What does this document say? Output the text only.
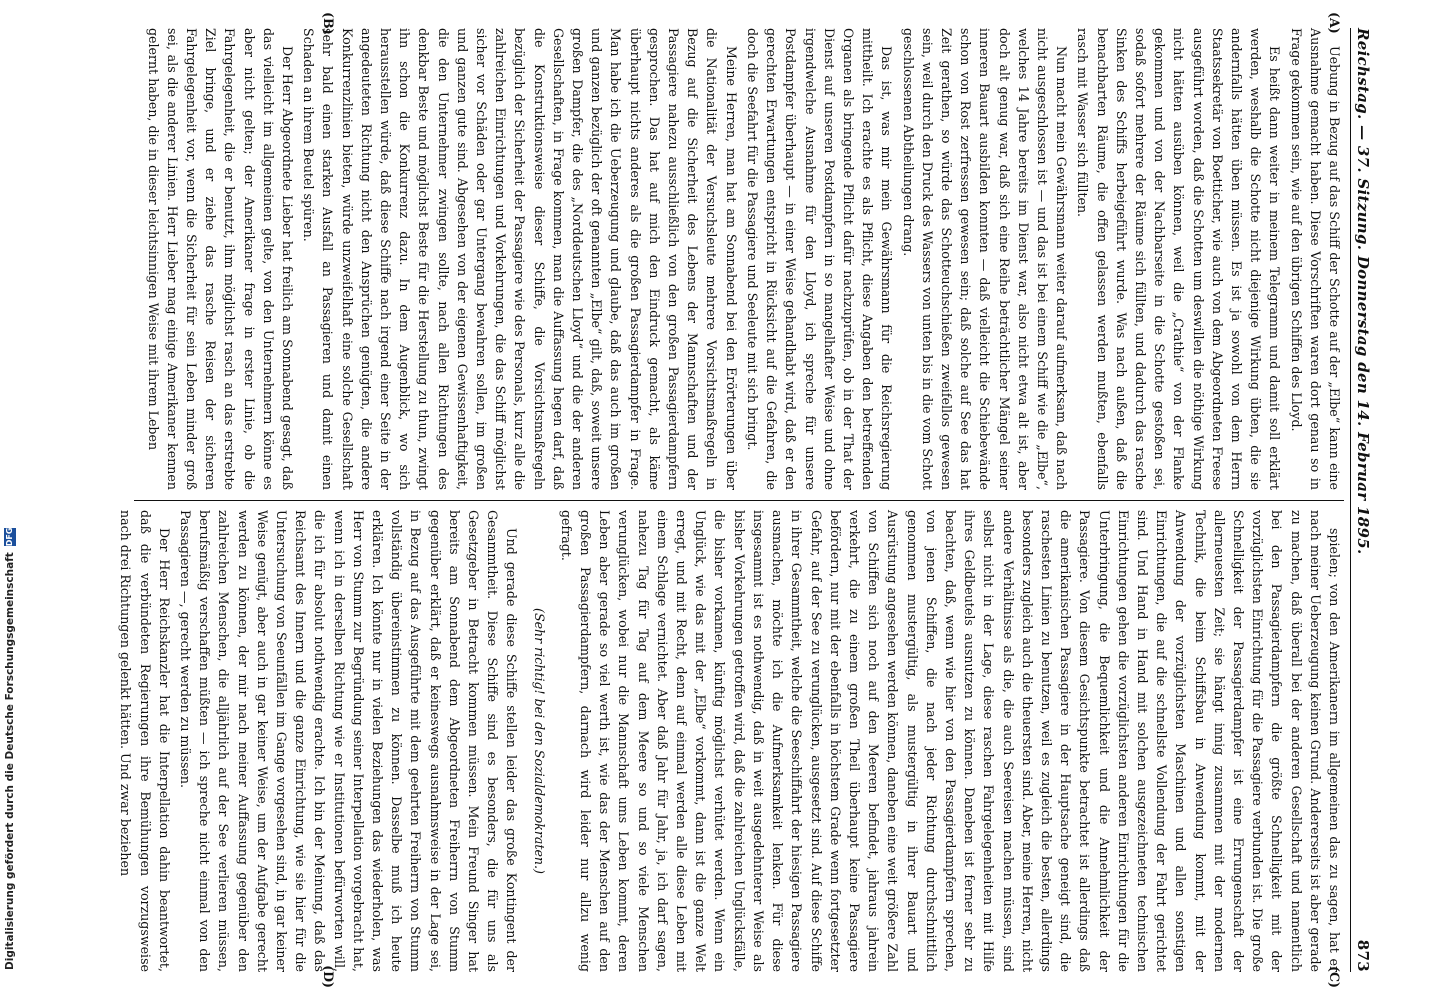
Digitalisierung gefördert durch die Deutsche Forschungsgemeinschaft
DFG	Reichstag. — 37. Sitzung. Donnerstag den 14. Februar 1895.
873
(A)
(B)

Uebung in Bezug auf das Schiff der Schotte auf der „Elbe“ kann eine Ausnahme gemacht haben. Diese Vorschriften waren dort genau so in Frage gekommen sein, wie auf den übrigen Schiffen des Lloyd.

Es heißt dann weiter in meinem Telegramm und damit soll erklärt werden, weshalb die Schotte nicht diejenige Wirkung übten, die sie andernfalls hätten üben müssen. Es ist ja sowohl von dem Herrn Staatssekretär von Boetticher, wie auch von dem Abgeordneten Freese ausgeführt worden, daß die Schotten um deswillen die nöthige Wirkung nicht hätten ausüben können, weil die „Crathie“ von der Flanke gekommen und von der Nachbarseite in die Schotte gestoßen sei, sodaß sofort mehrere der Räume sich füllten, und dadurch das rasche Sinken des Schiffs herbeigeführt wurde. Was nach außen, daß die benachbarten Räume, die offen gelassen werden mußten, ebenfalls rasch mit Wasser sich füllten.

Nun macht mein Gewährsmann weiter darauf aufmerksam, daß nach nicht ausgeschlossen ist — und das ist bei einem Schiff wie die „Elbe“, welches 14 Jahre bereits im Dienst war, also nicht etwa alt ist, aber doch alt genug war, daß sich eine Reihe beträchtlicher Mängel seiner inneren Bauart ausbilden konnten — daß vielleicht die Schiebewände schon von Rost zerfressen gewesen sein; daß solche auf See das hat Zeit gerathen, so würde das Schotteuchschießen zweifellos gewesen sein, weil durch den Druck des Wassers von unten bis in die vom Schott geschlossenen Abtheilungen drang.

Das ist, was mir mein Gewährsmann für die Reichsregierung mittheilt. Ich erachte es als Pflicht, diese Angaben den betreffenden Organen als bringende Pflicht dafür nachzuprüfen, ob in der That der Dienst auf unseren Postdampfern in so mangelhafter Weise und ohne irgendwelche Ausnahme für den Lloyd, ich spreche für unsere Postdampfer überhaupt — in einer Weise gehandhabt wird, daß er den gerechten Erwartungen entspricht in Rücksicht auf die Gefahren, die doch die Seefahrt für die Passagiere und Seeleute mit sich bringt.

Meine Herren, man hat am Sonnabend bei den Erörterungen über die Nationalität der Versuchsleute mehrere Vorsichtsmaßregeln in Bezug auf die Sicherheit des Lebens der Mannschaften und der Passagiere nahezu ausschließlich von den großen Passagierdampfern gesprochen. Das hat auf mich den Eindruck gemacht, als käme überhaupt nichts anderes als die großen Passagierdampfer in Frage. Man habe ich die Ueberzeugung und glaube, daß das auch im großen und ganzen bezüglich der oft genannten „Elbe“ gilt, daß, soweit unsere großen Dampfer, die des „Norddeutschen Lloyd“ und die der anderen Gesellschaften, in Frage kommen, man die Auffassung hegen darf, daß die Konstruktionsweise dieser Schiffe, die Vorsichtsmaßregeln bezüglich der Sicherheit der Passagiere wie des Personals, kurz alle die zahlreichen Einrichtungen und Vorkehrungen, die das Schiff möglichst sicher vor Schäden oder gar Untergang bewahren sollen, im großen und ganzen gute sind. Abgesehen von der eigenen Gewissenhaftigkeit, die den Unternehmer zwingen sollte, nach allen Richtungen des denkbar Beste und möglichst Beste für die Herstellung zu thun, zwingt ihn schon die Konkurrenz dazu. In dem Augenblick, wo sich herausstellen würde, daß diese Schiffe nach irgend einer Seite in der angedeuteten Richtung nicht den Ansprüchen genügten, die andere Konkurrenzlinien bieten, würde unzweifelhaft eine solche Gesellschaft sehr bald einen starken Ausfall an Passagieren und damit einen Schaden an ihrem Beutel spüren.

Der Herr Abgeordnete Lieber hat freilich am Sonnabend gesagt, daß das vielleicht im allgemeinen gelte, von den Unternehmern könne es aber nicht gelten; der Amerikaner frage in erster Linie, ob die Fahrgelegenheit, die er benutzt, ihm möglichst rasch an das erstrebte Ziel bringe, und er ziehe das rasche Reisen der sicheren Fahrgelegenheit vor, wenn die Sicherheit für sein Leben minder groß sei, als die anderer Linien. Herr Lieber mag einige Amerikaner kennen gelernt haben, die in dieser leichtsinnigen Weise mit ihrem Leben

(C)
(D)

spielen; von den Amerikanern im allgemeinen das zu sagen, hat er nach meiner Ueberzeugung keinen Grund. Andererseits ist aber gerade zu machen, daß überall bei der anderen Gesellschaft und namentlich bei den Passagierdampfern die größte Schnelligkeit mit der vorzüglichsten Einrichtung für die Passagiere verbunden ist. Die große Schnelligkeit der Passagierdampfer ist eine Errungenschaft der allerneuesten Zeit; sie hängt innig zusammen mit der modernen Technik, die beim Schiffsbau in Anwendung kommt, mit der Anwendung der vorzüglichsten Maschinen und allen sonstigen Einrichtungen, die auf die schnellste Vollendung der Fahrt gerichtet sind. Und Hand in Hand mit solchen ausgezeichneten technischen Einrichtungen gehen die vorzüglichsten anderen Einrichtungen für die Unterbringung, die Bequemlichkeit und die Annehmlichkeit der Passagiere. Von diesem Gesichtspunkte betrachtet ist allerdings daß die amerikanischen Passagiere in der Hauptsache geneigt sind, die raschesten Linien zu benutzen, weil es zugleich die besten, allerdings besonders zugleich auch die theuersten sind. Aber, meine Herren, nicht andere Verhältnisse als die, die auch Seereisen machen müssen, sind selbst nicht in der Lage, diese raschen Fahrgelegenheiten mit Hilfe ihres Geldbeutels ausnutzen zu können. Daneben ist ferner sehr zu beachten, daß, wenn wie hier von den Passagierdampfern sprechen, von jenen Schiffen, die nach jeder Richtung durchschnittlich genommen mustergültig, als mustergültig in ihrer Bauart und Ausrüstung angesehen werden können, daneben eine weit größere Zahl von Schiffen sich noch auf den Meeren befindet, jahraus jahrein verkehrt, die zu einem großen Theil überhaupt keine Passagiere befördern, nur mit der ebenfalls in höchstem Grade wenn fortgesetzter Gefahr, auf der See zu verunglücken, ausgesetzt sind. Auf diese Schiffe in ihrer Gesammtheit, welche die Seeschiffahrt der hiesigen Passagiere ausmachen, möchte ich die Aufmerksamkeit lenken. Für diese insgesammt ist es nothwendig, daß in weit ausgedehnterer Weise als bisher Vorkehrungen getroffen wird, daß die zahlreichen Unglücksfälle, die bisher vorkamen, künftig möglichst verhütet werden. Wenn ein Unglück, wie das mit der „Elbe“ vorkommt, dann ist die ganze Welt erregt, und mit Recht, denn auf einmal werden alle diese Leben mit einem Schlage vernichtet. Aber daß Jahr für Jahr, ja, ich darf sagen, nahezu Tag für Tag auf dem Meere so und so viele Menschen verunglücken, wobei nur die Mannschaft ums Leben kommt, deren Leben aber gerade so viel werth ist, wie das der Menschen auf den großen Passagierdampfern, darnach wird leider nur allzu wenig gefragt.

(Sehr richtig! bei den Sozialdemokraten.)

Und gerade diese Schiffe stellen leider das große Kontingent der Gesammtheit. Diese Schiffe sind es besonders, die für uns als Gesetzgeber in Betracht kommen müssen. Mein Freund Singer hat bereits am Sonnabend dem Abgeordneten Freiherrn von Stumm gegenüber erklärt, daß er keineswegs ausnahmsweise in der Lage sei, in Bezug auf das Ausgeführte mit dem geehrten Freiherrn von Stumm vollständig übereinstimmen zu können. Dasselbe muß ich heute erklären. Ich könnte nur in vielen Beziehungen das wiederholen, was Herr von Stumm zur Begründung seiner Interpellation vorgebracht hat, wenn ich in derselben Richtung wie er Institutionen befürworten will, die ich für absolut nothwendig erachte. Ich bin der Meinung, daß das Reichsamt des Innern und die ganze Einrichtung, wie sie hier für die Untersuchung von Seeunfällen im Gange vorgesehen sind, in gar keiner Weise genügt, aber auch in gar keiner Weise, um der Aufgabe gerecht werden zu können, der mir nach meiner Auffassung gegenüber den zahlreichen Menschen, die alljährlich auf der See verlieren müssen, berufsmäßig verschaffen müßten — ich spreche nicht einmal von den Passagieren —, gerecht werden zu müssen.

Der Herr Reichskanzler hat die Interpellation dahin beantwortet, daß die verbündeten Regierungen ihre Bemühungen vorzugsweise nach drei Richtungen gelenkt hätten. Und zwar beziehen
